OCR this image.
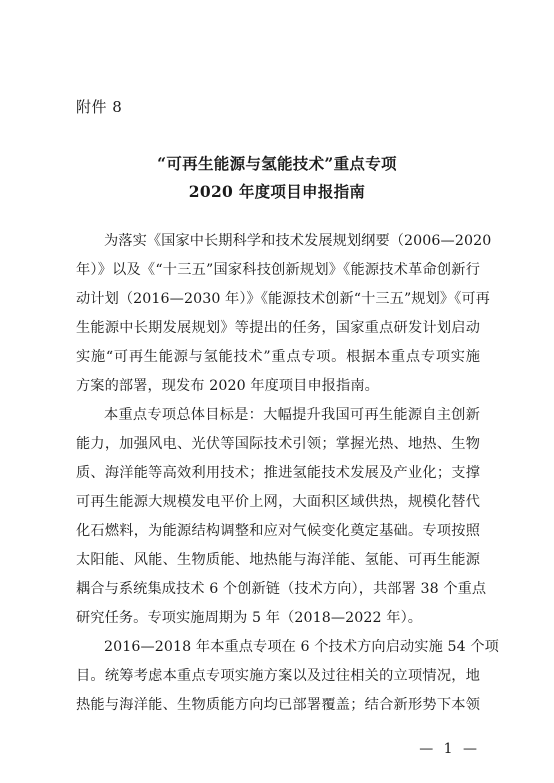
附件 8
“可再生能源与氢能技术”重点专项
2020 年度项目申报指南
为落实《国家中长期科学和技术发展规划纲要（2006—2020
年）》以及《“十三五”国家科技创新规划》《能源技术革命创新行
动计划（2016—2030 年）》《能源技术创新“十三五”规划》《可再
生能源中长期发展规划》等提出的任务，国家重点研发计划启动
实施“可再生能源与氢能技术”重点专项。根据本重点专项实施
方案的部署，现发布 2020 年度项目申报指南。
本重点专项总体目标是：大幅提升我国可再生能源自主创新
能力，加强风电、光伏等国际技术引领；掌握光热、地热、生物
质、海洋能等高效利用技术；推进氢能技术发展及产业化；支撑
可再生能源大规模发电平价上网，大面积区域供热，规模化替代
化石燃料，为能源结构调整和应对气候变化奠定基础。专项按照
太阳能、风能、生物质能、地热能与海洋能、氢能、可再生能源
耦合与系统集成技术 6 个创新链（技术方向），共部署 38 个重点
研究任务。专项实施周期为 5 年（2018—2022 年）。
2016—2018 年本重点专项在 6 个技术方向启动实施 54 个项
目。统筹考虑本重点专项实施方案以及过往相关的立项情况，地
热能与海洋能、生物质能方向均已部署覆盖；结合新形势下本领
— 1 —
